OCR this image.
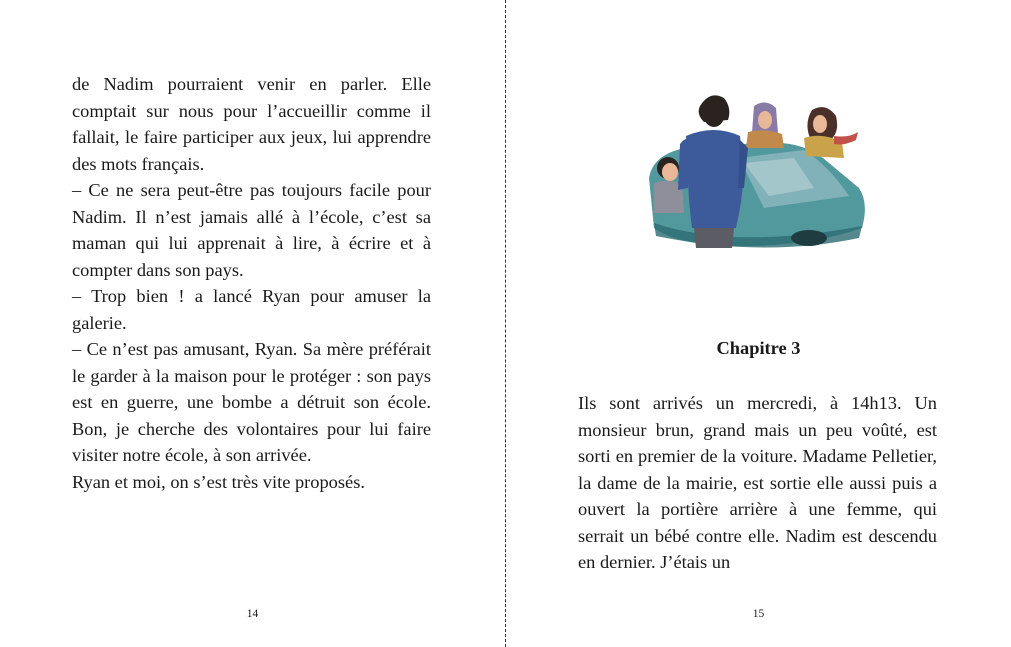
de Nadim pourraient venir en parler. Elle comptait sur nous pour l’accueillir comme il fallait, le faire participer aux jeux, lui apprendre des mots français.

– Ce ne sera peut-être pas toujours facile pour Nadim. Il n’est jamais allé à l’école, c’est sa maman qui lui apprenait à lire, à écrire et à compter dans son pays.

– Trop bien ! a lancé Ryan pour amuser la galerie.

– Ce n’est pas amusant, Ryan. Sa mère préférait le garder à la maison pour le protéger : son pays est en guerre, une bombe a détruit son école. Bon, je cherche des volontaires pour lui faire visiter notre école, à son arrivée.

Ryan et moi, on s’est très vite proposés.

14
Chapitre 3

Ils sont arrivés un mercredi, à 14h13. Un monsieur brun, grand mais un peu voûté, est sorti en premier de la voiture. Madame Pelletier, la dame de la mairie, est sortie elle aussi puis a ouvert la portière arrière à une femme, qui serrait un bébé contre elle. Nadim est descendu en dernier. J’étais un

15
